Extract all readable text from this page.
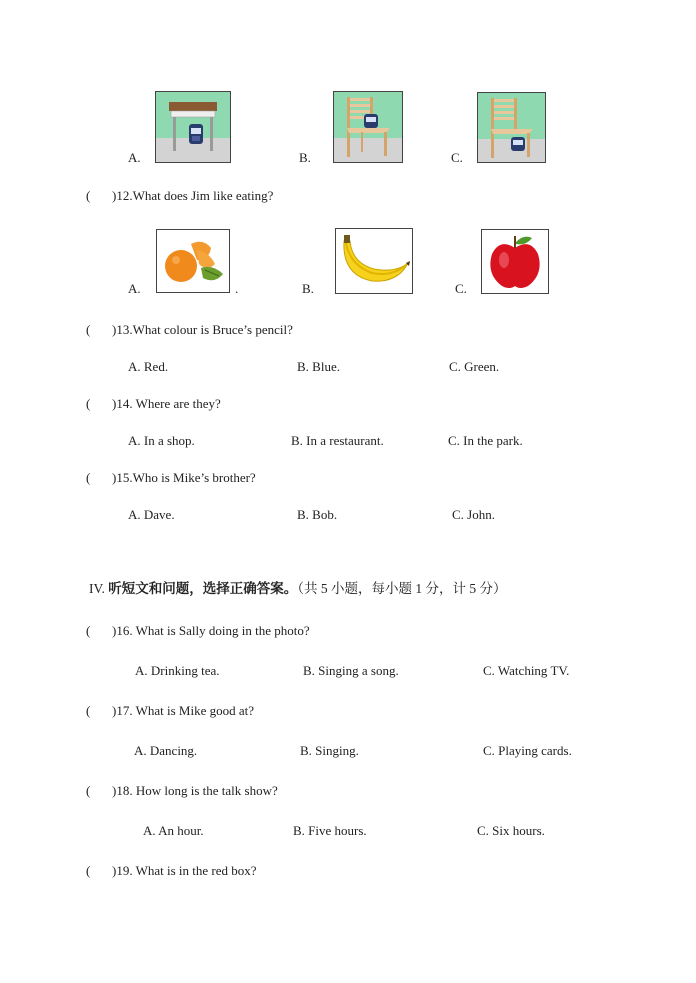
A.	B.	C.
( )12.What does Jim like eating?
A.	.	B.	C.
( )13.What colour is Bruce’s pencil?
A. Red.	B. Blue.	C. Green.
( )14. Where are they?
A. In a shop.	B. In a restaurant.	C. In the park.
( )15.Who is Mike’s brother?
A. Dave.	B. Bob.	C. John.
IV. 听短文和问题，选择正确答案。（共 5 小题，每小题 1 分，计 5 分）
( )16. What is Sally doing in the photo?
A. Drinking tea.	B. Singing a song.	C. Watching TV.
( )17. What is Mike good at?
A. Dancing.	B. Singing.	C. Playing cards.
( )18. How long is the talk show?
A. An hour.	B. Five hours.	C. Six hours.
( )19. What is in the red box?
